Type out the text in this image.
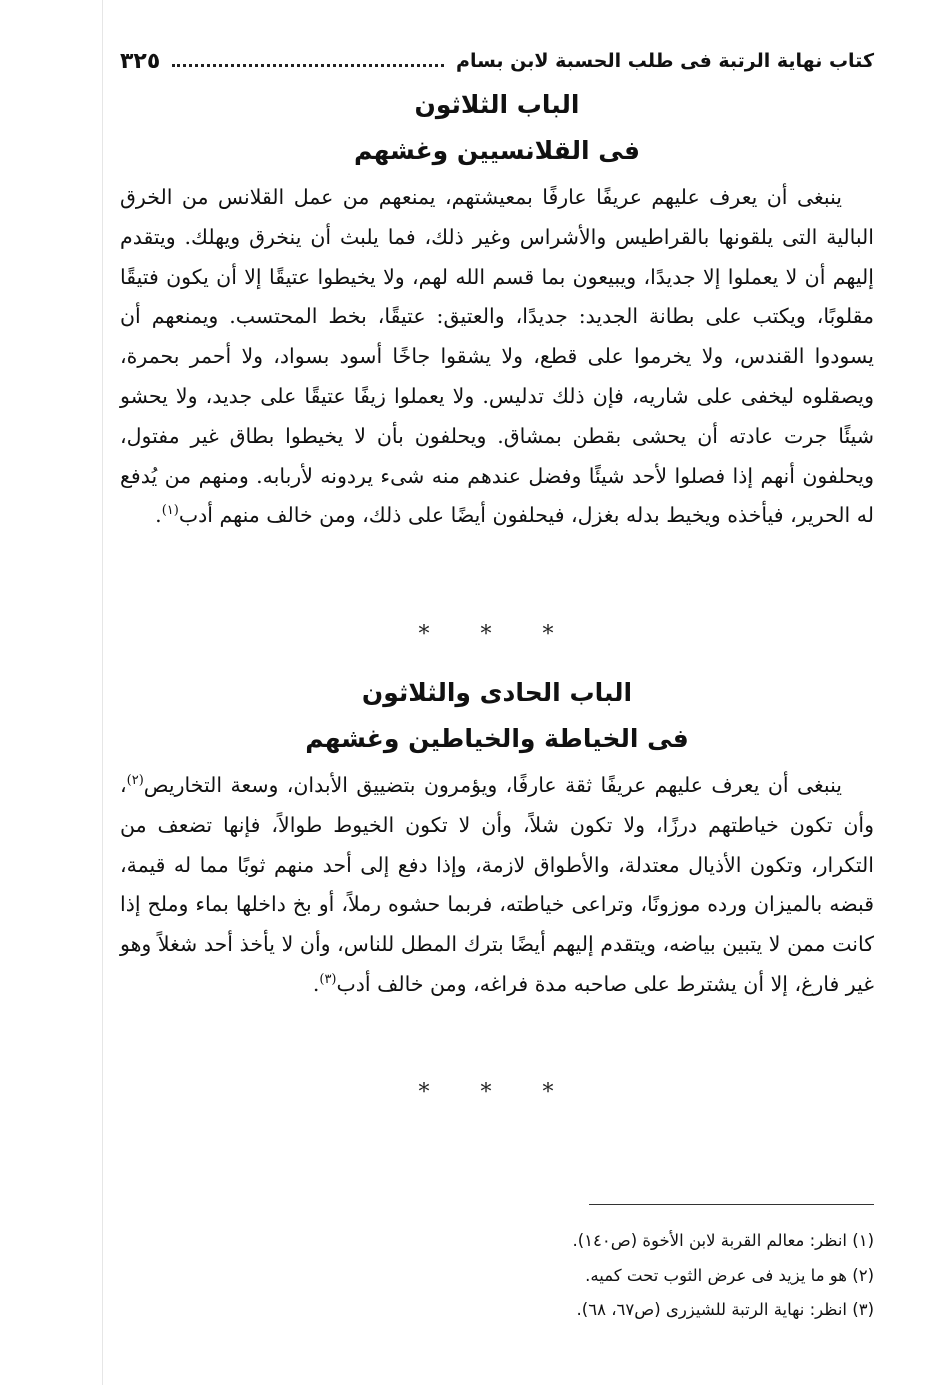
كتاب نهاية الرتبة فى طلب الحسبة لابن بسام
٣٢٥
الباب الثلاثون
فى القلانسيين وغشهم

ينبغى أن يعرف عليهم عريفًا عارفًا بمعيشتهم، يمنعهم من عمل القلانس من الخرق البالية التى يلقونها بالقراطيس والأشراس وغير ذلك، فما يلبث أن ينخرق ويهلك. ويتقدم إليهم أن لا يعملوا إلا جديدًا، ويبيعون بما قسم الله لهم، ولا يخيطوا عتيقًا إلا أن يكون فتيقًا مقلوبًا، ويكتب على بطانة الجديد: جديدًا، والعتيق: عتيقًا، بخط المحتسب. ويمنعهم أن يسودوا القندس، ولا يخرموا على قطع، ولا يشقوا جاخًا أسود بسواد، ولا أحمر بحمرة، ويصقلوه ليخفى على شاريه، فإن ذلك تدليس. ولا يعملوا زيفًا عتيقًا على جديد، ولا يحشو شيئًا جرت عادته أن يحشى بقطن بمشاق. ويحلفون بأن لا يخيطوا بطاق غير مفتول، ويحلفون أنهم إذا فصلوا لأحد شيئًا وفضل عندهم منه شىء يردونه لأربابه. ومنهم من يُدفع له الحرير، فيأخذه ويخيط بدله بغزل، فيحلفون أيضًا على ذلك، ومن خالف منهم أدب$^{(١)}$.

* * *
الباب الحادى والثلاثون
فى الخياطة والخياطين وغشهم

ينبغى أن يعرف عليهم عريفًا ثقة عارفًا، ويؤمرون بتضييق الأبدان، وسعة التخاريص$^{(٢)}$، وأن تكون خياطتهم درزًا، ولا تكون شلاً، وأن لا تكون الخيوط طوالاً، فإنها تضعف من التكرار، وتكون الأذيال معتدلة، والأطواق لازمة، وإذا دفع إلى أحد منهم ثوبًا مما له قيمة، قبضه بالميزان ورده موزونًا، وتراعى خياطته، فربما حشوه رملاً، أو بخ داخلها بماء وملح إذا كانت ممن لا يتبين بياضه، ويتقدم إليهم أيضًا بترك المطل للناس، وأن لا يأخذ أحد شغلاً وهو غير فارغ، إلا أن يشترط على صاحبه مدة فراغه، ومن خالف أدب$^{(٣)}$.

* * *
(١) انظر: معالم القربة لابن الأخوة (ص١٤٠).
(٢) هو ما يزيد فى عرض الثوب تحت كميه.
(٣) انظر: نهاية الرتبة للشيزرى (ص٦٧، ٦٨).
